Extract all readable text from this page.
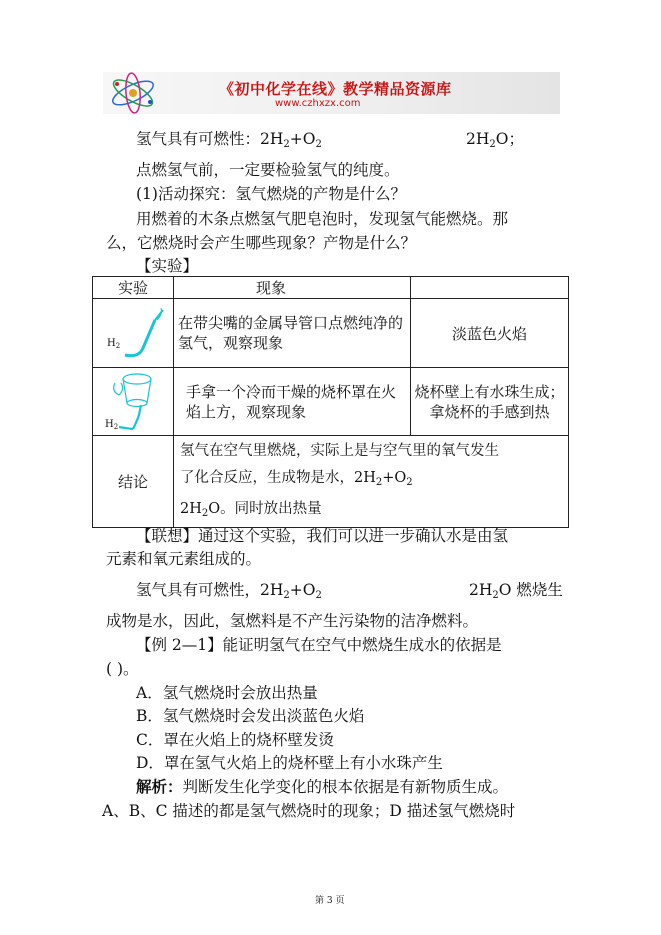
《初中化学在线》教学精品资源库
www.czhxzx.com
氢气具有可燃性：$2H_2+O_2$	$2H_2O$；
点燃氢气前，一定要检验氢气的纯度。
(1)活动探究：氢气燃烧的产物是什么？
用燃着的木条点燃氢气肥皂泡时，发现氢气能燃烧。那
么，它燃烧时会产生哪些现象？产物是什么？
【实验】
实验	现象	

$H_2$	在带尖嘴的金属导管口点燃纯净的氢气，观察现象	淡蓝色火焰

$H_2$	手拿一个冷而干燥的烧杯罩在火焰上方，观察现象	烧杯壁上有水珠生成；
拿烧杯的手感到热

结论	氢气在空气里燃烧，实际上是与空气里的氧气发生
了化合反应，生成物是水，$2H_2+O_2$
$2H_2O$。同时放出热量	
【联想】通过这个实验，我们可以进一步确认水是由氢
元素和氧元素组成的。
氢气具有可燃性，$2H_2+O_2$	$2H_2O$ 燃烧生
成物是水，因此，氢燃料是不产生污染物的洁净燃料。
【例 2—1】能证明氢气在空气中燃烧生成水的依据是
( )。
A．氢气燃烧时会放出热量
B．氢气燃烧时会发出淡蓝色火焰
C．罩在火焰上的烧杯壁发烫
D．罩在氢气火焰上的烧杯壁上有小水珠产生
解析：判断发生化学变化的根本依据是有新物质生成。
A、B、C 描述的都是氢气燃烧时的现象；D 描述氢气燃烧时
第 3 页
